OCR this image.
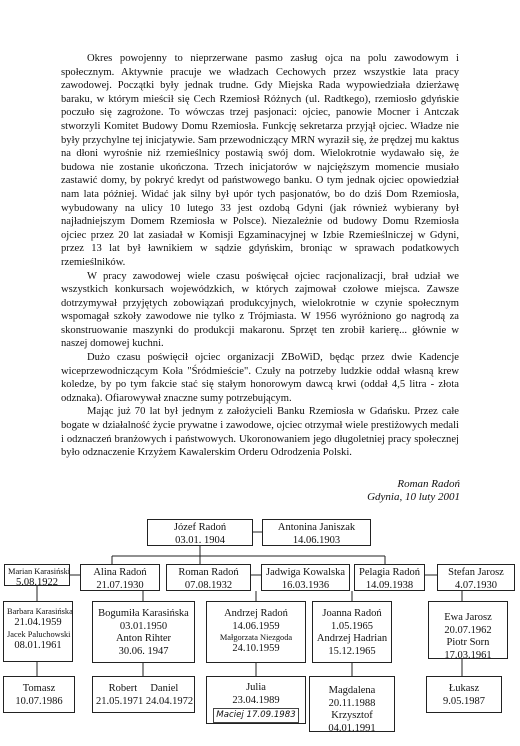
Okres powojenny to nieprzerwane pasmo zasług ojca na polu zawodowym i społecznym. Aktywnie pracuje we władzach Cechowych przez wszystkie lata pracy zawodowej. Początki były jednak trudne. Gdy Miejska Rada wypowiedziała dzierżawę baraku, w którym mieścił się Cech Rzemiosł Różnych (ul. Radtkego), rzemiosło gdyńskie poczuło się zagrożone. To wówczas trzej pasjonaci: ojciec, panowie Mocner i Antczak stworzyli Komitet Budowy Domu Rzemiosła. Funkcję sekretarza przyjął ojciec. Władze nie były przychylne tej inicjatywie. Sam przewodniczący MRN wyraził się, że prędzej mu kaktus na dłoni wyrośnie niż rzemieślnicy postawią swój dom. Wielokrotnie wydawało się, że budowa nie zostanie ukończona. Trzech inicjatorów w najcięższym momencie musiało zastawić domy, by pokryć kredyt od państwowego banku. O tym jednak ojciec opowiedział nam lata później. Widać jak silny był upór tych pasjonatów, bo do dziś Dom Rzemiosła, wybudowany na ulicy 10 lutego 33 jest ozdobą Gdyni (jak również wybierany był najładniejszym Domem Rzemiosła w Polsce). Niezależnie od budowy Domu Rzemiosła ojciec przez 20 lat zasiadał w Komisji Egzaminacyjnej w Izbie Rzemieślniczej w Gdyni, przez 13 lat był ławnikiem w sądzie gdyńskim, broniąc w sprawach podatkowych rzemieślników.

W pracy zawodowej wiele czasu poświęcał ojciec racjonalizacji, brał udział we wszystkich konkursach wojewódzkich, w których zajmował czołowe miejsca. Zawsze dotrzymywał przyjętych zobowiązań produkcyjnych, wielokrotnie w czynie społecznym wspomagał szkoły zawodowe nie tylko z Trójmiasta. W 1956 wyróżniono go nagrodą za skonstruowanie maszynki do produkcji makaronu. Sprzęt ten zrobił karierę... głównie w naszej domowej kuchni.

Dużo czasu poświęcił ojciec organizacji ZBoWiD, będąc przez dwie Kadencje wiceprzewodniczącym Koła "Śródmieście". Czuły na potrzeby ludzkie oddał własną krew koledze, by po tym fakcie stać się stałym honorowym dawcą krwi (oddał 4,5 litra - złota odznaka). Ofiarowywał znaczne sumy potrzebującym.

Mając już 70 lat był jednym z założycieli Banku Rzemiosła w Gdańsku. Przez całe bogate w działalność życie prywatne i zawodowe, ojciec otrzymał wiele prestiżowych medali i odznaczeń branżowych i państwowych. Ukoronowaniem jego długoletniej pracy społecznej było odznaczenie Krzyżem Kawalerskim Orderu Odrodzenia Polski.

Roman Radoń
Gdynia, 10 luty 2001
Józef Radoń
03.01. 1904
Antonina Janiszak
14.06.1903
Marian Karasiński
5.08.1922
Alina Radoń
21.07.1930
Roman Radoń
07.08.1932
Jadwiga Kowalska
16.03.1936
Pelagia Radoń
14.09.1938
Stefan Jarosz
4.07.1930
Barbara Karasińska
21.04.1959
Jacek Paluchowski
08.01.1961
Bogumiła Karasińska
03.01.1950
Anton Rihter
30.06. 1947
Andrzej Radoń
14.06.1959
Małgorzata Niezgoda
24.10.1959
Joanna Radoń
1.05.1965
Andrzej Hadrian
15.12.1965
Ewa Jarosz
20.07.1962
Piotr Sorn
17.03.1961
Tomasz
10.07.1986
Robert Daniel
21.05.1971 24.04.1972
Julia
23.04.1989
Maciej 17.09.1983
Magdalena
20.11.1988
Krzysztof
04.01.1991
Łukasz
9.05.1987
